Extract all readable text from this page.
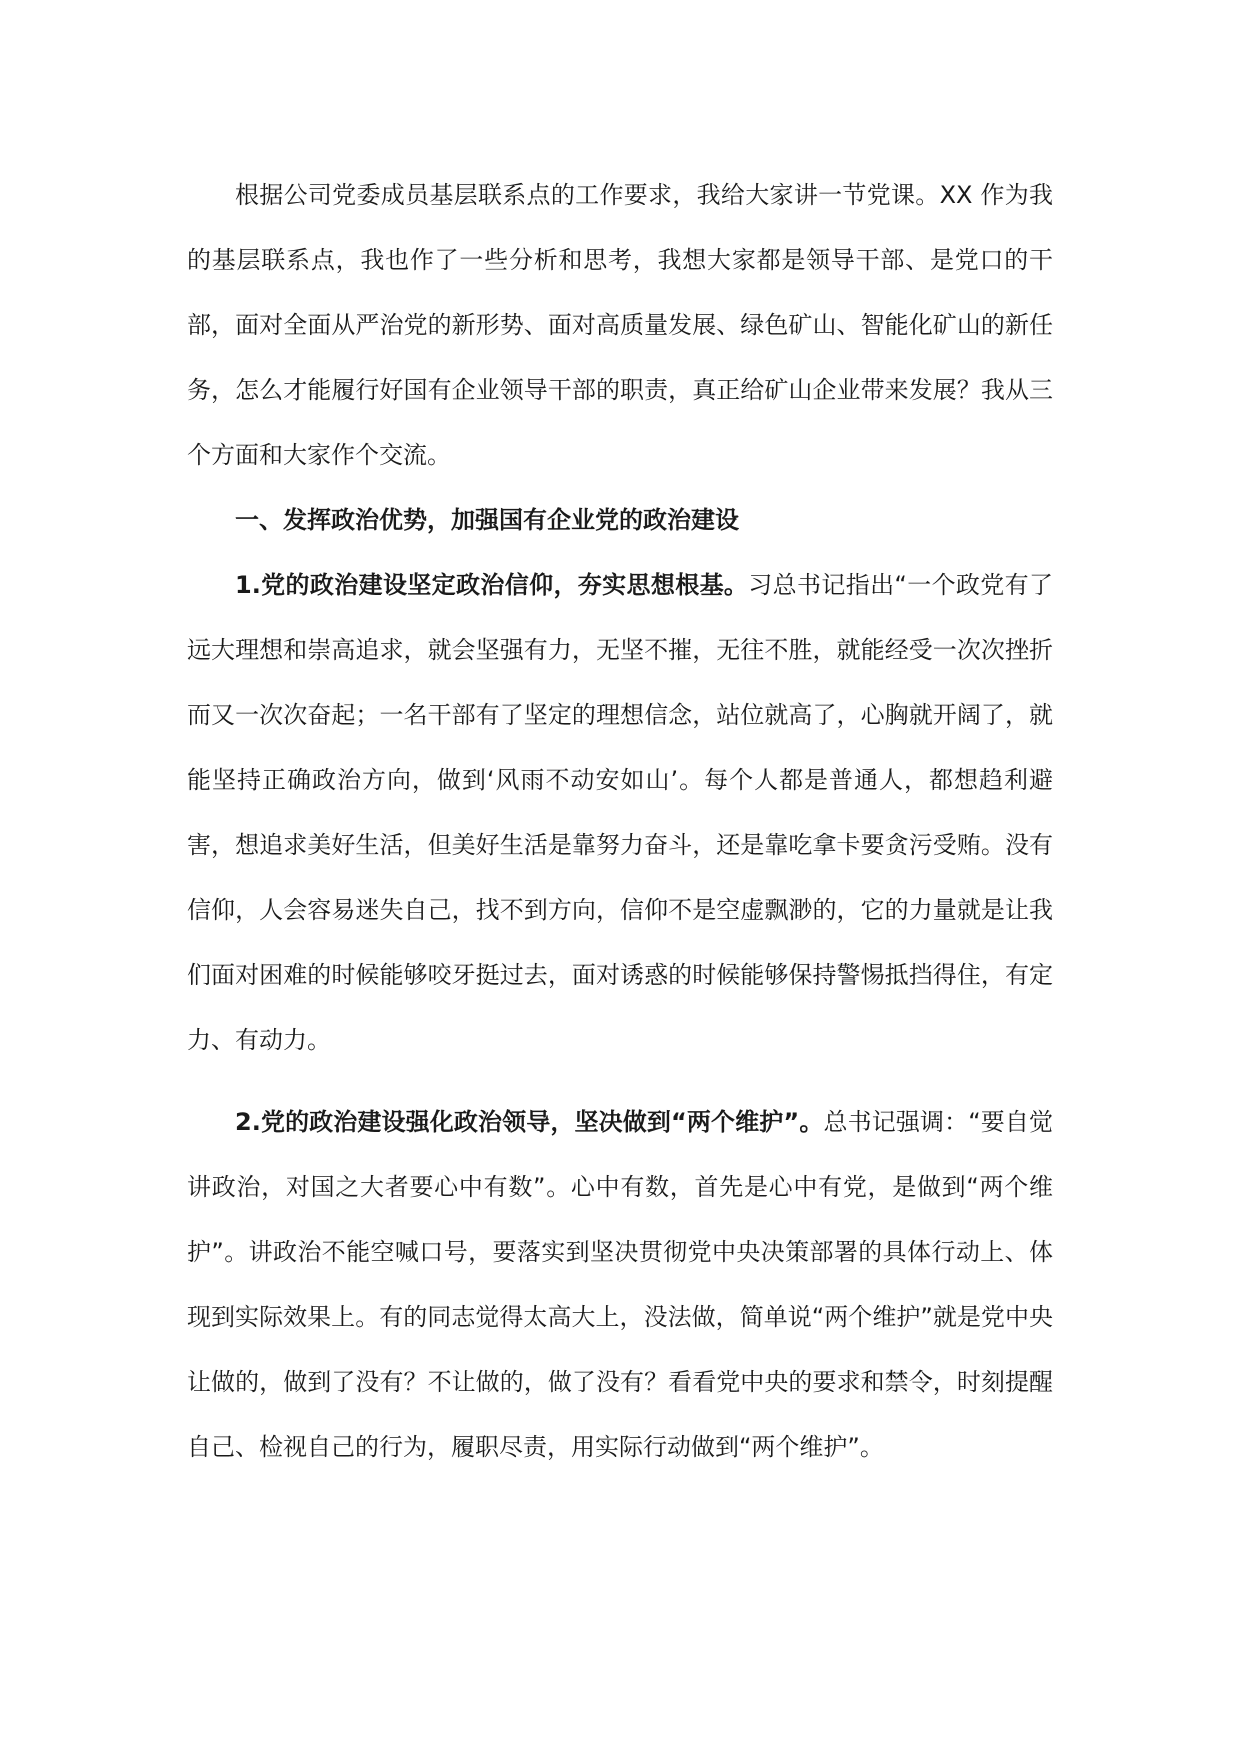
根据公司党委成员基层联系点的工作要求，我给大家讲一节党课。XX 作为我的基层联系点，我也作了一些分析和思考，我想大家都是领导干部、是党口的干部，面对全面从严治党的新形势、面对高质量发展、绿色矿山、智能化矿山的新任务，怎么才能履行好国有企业领导干部的职责，真正给矿山企业带来发展？我从三个方面和大家作个交流。

一、发挥政治优势，加强国有企业党的政治建设

1.党的政治建设坚定政治信仰，夯实思想根基。习总书记指出“一个政党有了远大理想和崇高追求，就会坚强有力，无坚不摧，无往不胜，就能经受一次次挫折而又一次次奋起；一名干部有了坚定的理想信念，站位就高了，心胸就开阔了，就能坚持正确政治方向，做到‘风雨不动安如山’。每个人都是普通人，都想趋利避害，想追求美好生活，但美好生活是靠努力奋斗，还是靠吃拿卡要贪污受贿。没有信仰，人会容易迷失自己，找不到方向，信仰不是空虚飘渺的，它的力量就是让我们面对困难的时候能够咬牙挺过去，面对诱惑的时候能够保持警惕抵挡得住，有定力、有动力。

2.党的政治建设强化政治领导，坚决做到“两个维护”。总书记强调：“要自觉讲政治，对国之大者要心中有数”。心中有数，首先是心中有党，是做到“两个维护”。讲政治不能空喊口号，要落实到坚决贯彻党中央决策部署的具体行动上、体现到实际效果上。有的同志觉得太高大上，没法做，简单说“两个维护”就是党中央让做的，做到了没有？不让做的，做了没有？看看党中央的要求和禁令，时刻提醒自己、检视自己的行为，履职尽责，用实际行动做到“两个维护”。
